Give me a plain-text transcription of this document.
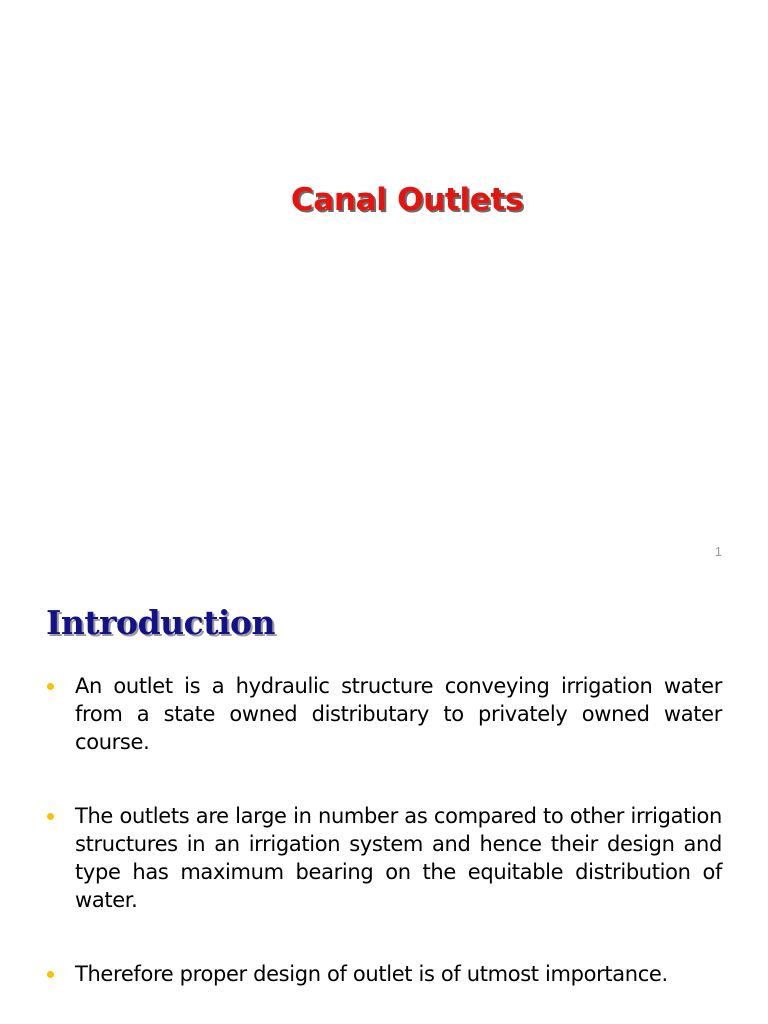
Canal Outlets
1
Introduction
An outlet is a hydraulic structure conveying irrigation water from a state owned distributary to privately owned water course.
The outlets are large in number as compared to other irrigation structures in an irrigation system and hence their design and type has maximum bearing on the equitable distribution of water.
Therefore proper design of outlet is of utmost importance.
